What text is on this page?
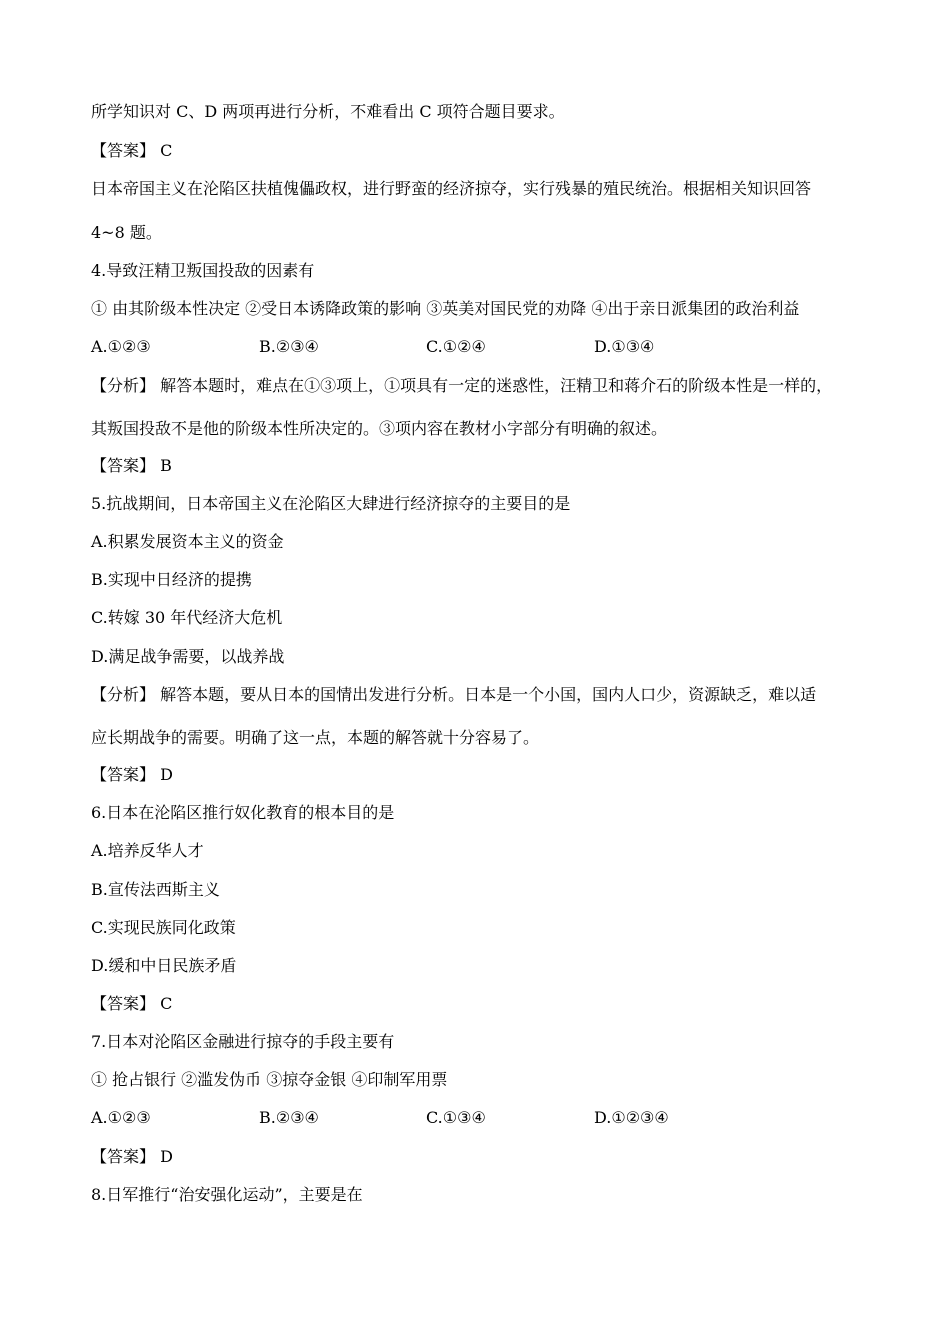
所学知识对 C、D 两项再进行分析，不难看出 C 项符合题目要求。
【答案】 C
日本帝国主义在沦陷区扶植傀儡政权，进行野蛮的经济掠夺，实行残暴的殖民统治。根据相关知识回答
4~8 题。
4.导致汪精卫叛国投敌的因素有
① 由其阶级本性决定 ②受日本诱降政策的影响 ③英美对国民党的劝降 ④出于亲日派集团的政治利益
A.①②③	B.②③④	C.①②④	D.①③④
【分析】 解答本题时，难点在①③项上，①项具有一定的迷惑性，汪精卫和蒋介石的阶级本性是一样的，
其叛国投敌不是他的阶级本性所决定的。③项内容在教材小字部分有明确的叙述。
【答案】 B
5.抗战期间，日本帝国主义在沦陷区大肆进行经济掠夺的主要目的是
A.积累发展资本主义的资金
B.实现中日经济的提携
C.转嫁 30 年代经济大危机
D.满足战争需要，以战养战
【分析】 解答本题，要从日本的国情出发进行分析。日本是一个小国，国内人口少，资源缺乏，难以适
应长期战争的需要。明确了这一点，本题的解答就十分容易了。
【答案】 D
6.日本在沦陷区推行奴化教育的根本目的是
A.培养反华人才
B.宣传法西斯主义
C.实现民族同化政策
D.缓和中日民族矛盾
【答案】 C
7.日本对沦陷区金融进行掠夺的手段主要有
① 抢占银行 ②滥发伪币 ③掠夺金银 ④印制军用票
A.①②③	B.②③④	C.①③④	D.①②③④
【答案】 D
8.日军推行“治安强化运动”，主要是在
